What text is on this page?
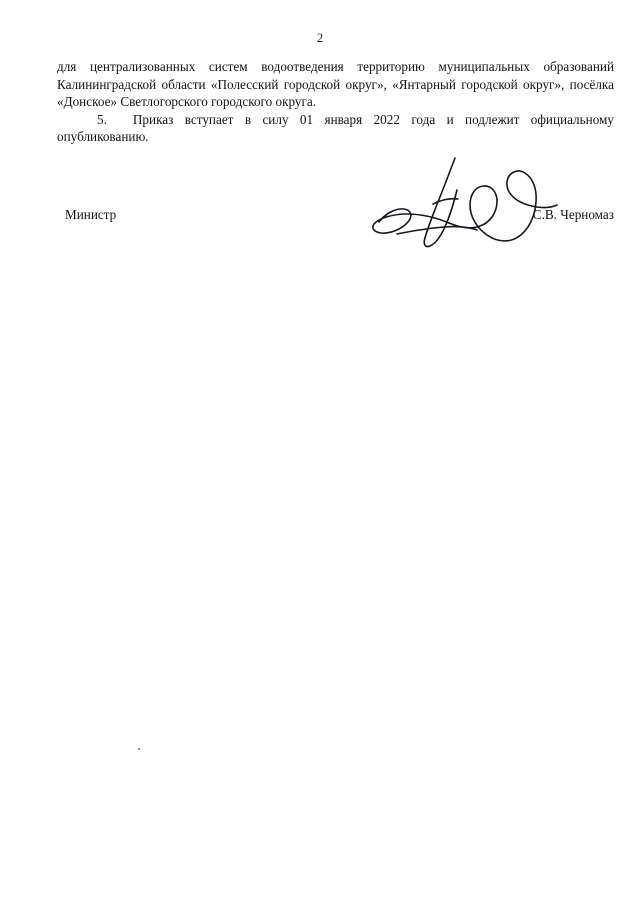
2

для централизованных систем водоотведения территорию муниципальных образований Калининградской области «Полесский городской округ», «Янтарный городской округ», посёлка «Донское» Светлогорского городского округа.

5. Приказ вступает в силу 01 января 2022 года и подлежит официальному опубликованию.

Министр	С.В. Черномаз
